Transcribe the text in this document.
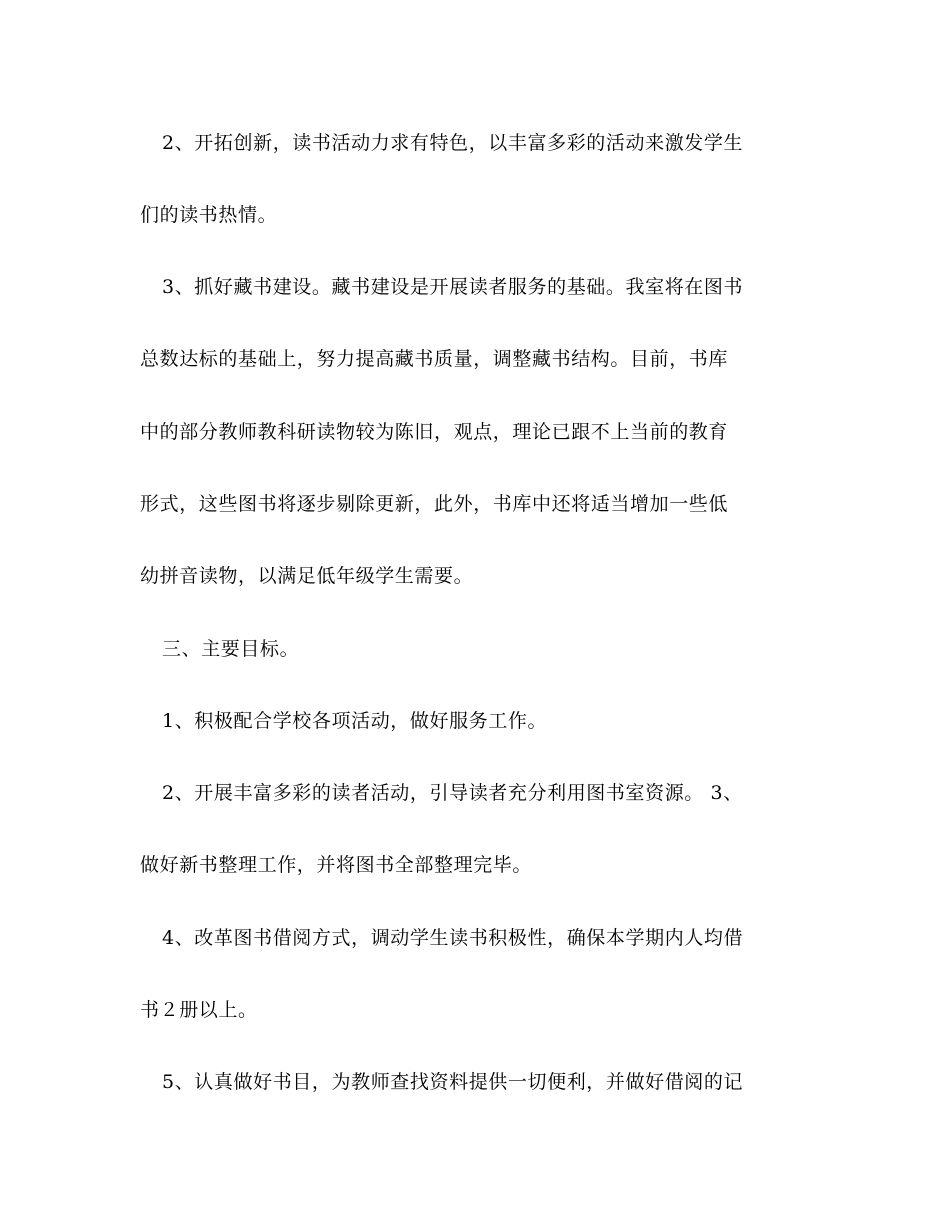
2、开拓创新，读书活动力求有特色，以丰富多彩的活动来激发学生
们的读书热情。
3、抓好藏书建设。藏书建设是开展读者服务的基础。我室将在图书
总数达标的基础上，努力提高藏书质量，调整藏书结构。目前，书库
中的部分教师教科研读物较为陈旧，观点，理论已跟不上当前的教育
形式，这些图书将逐步剔除更新，此外，书库中还将适当增加一些低
幼拼音读物，以满足低年级学生需要。
三、主要目标。
1、积极配合学校各项活动，做好服务工作。
2、开展丰富多彩的读者活动，引导读者充分利用图书室资源。 3、
做好新书整理工作，并将图书全部整理完毕。
4、改革图书借阅方式，调动学生读书积极性，确保本学期内人均借
书２册以上。
5、认真做好书目，为教师查找资料提供一切便利，并做好借阅的记
